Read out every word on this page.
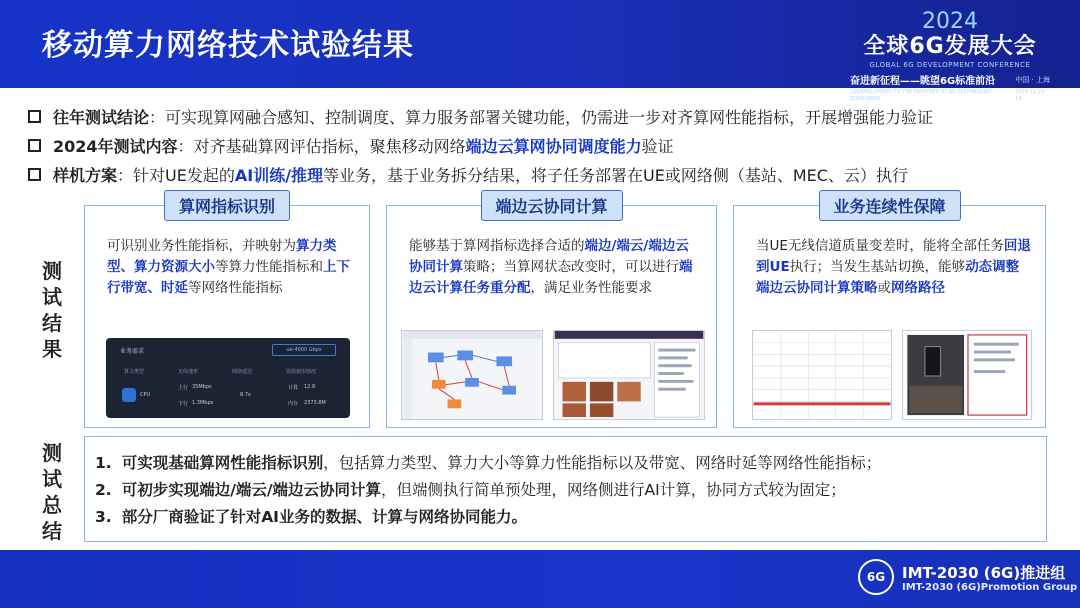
移动算力网络技术试验结果
2024
全球6G发展大会
GLOBAL 6G DEVELOPMENT CONFERENCE
奋进新征程——眺望6G标准前沿	中国 · 上海
LOOKING AHEAD TO THE FRONTIER OF 6G TECHNOLOGY STANDARDS
2024.11.13-14
往年测试结论 ： 可实现算网融合感知、控制调度、算力服务部署关键功能，仍需进一步对齐算网性能指标，开展增强能力验证
2024年测试内容 ： 对齐基础算网评估指标，聚焦移动网络 端边云算网协同调度能力 验证
样机方案 ： 针对UE发起的 AI训练/推理 等业务，基于业务拆分结果，将子任务部署在UE或网络侧（基站、MEC、云）执行
测
试
结
果
测
试
总
结
算网指标识别
可识别业务性能指标，并映射为算力类型、算力资源大小等算力性能指标和上下行带宽、时延等网络性能指标
业务需求	ue-4000 Gbps
算力类型	无线速率	网络延迟	资源使用情况
CPU
上行 35Mbps
下行 1.3Mbps
8.7s
计算 12.8
内存 2373.8M
端边云协同计算
能够基于算网指标选择合适的端边/端云/端边云协同计算策略；当算网状态改变时，可以进行端边云计算任务重分配，满足业务性能要求
业务连续性保障
当UE无线信道质量变差时，能将全部任务回退到UE执行；当发生基站切换，能够动态调整端边云协同计算策略或网络路径
1. 可实现基础算网性能指标识别，包括算力类型、算力大小等算力性能指标以及带宽、网络时延等网络性能指标；
2. 可初步实现端边/端云/端边云协同计算，但端侧执行简单预处理，网络侧进行AI计算，协同方式较为固定；
3. 部分厂商验证了针对AI业务的数据、计算与网络协同能力。
6G	IMT-2030 (6G)推进组
IMT-2030 (6G)Promotion Group
